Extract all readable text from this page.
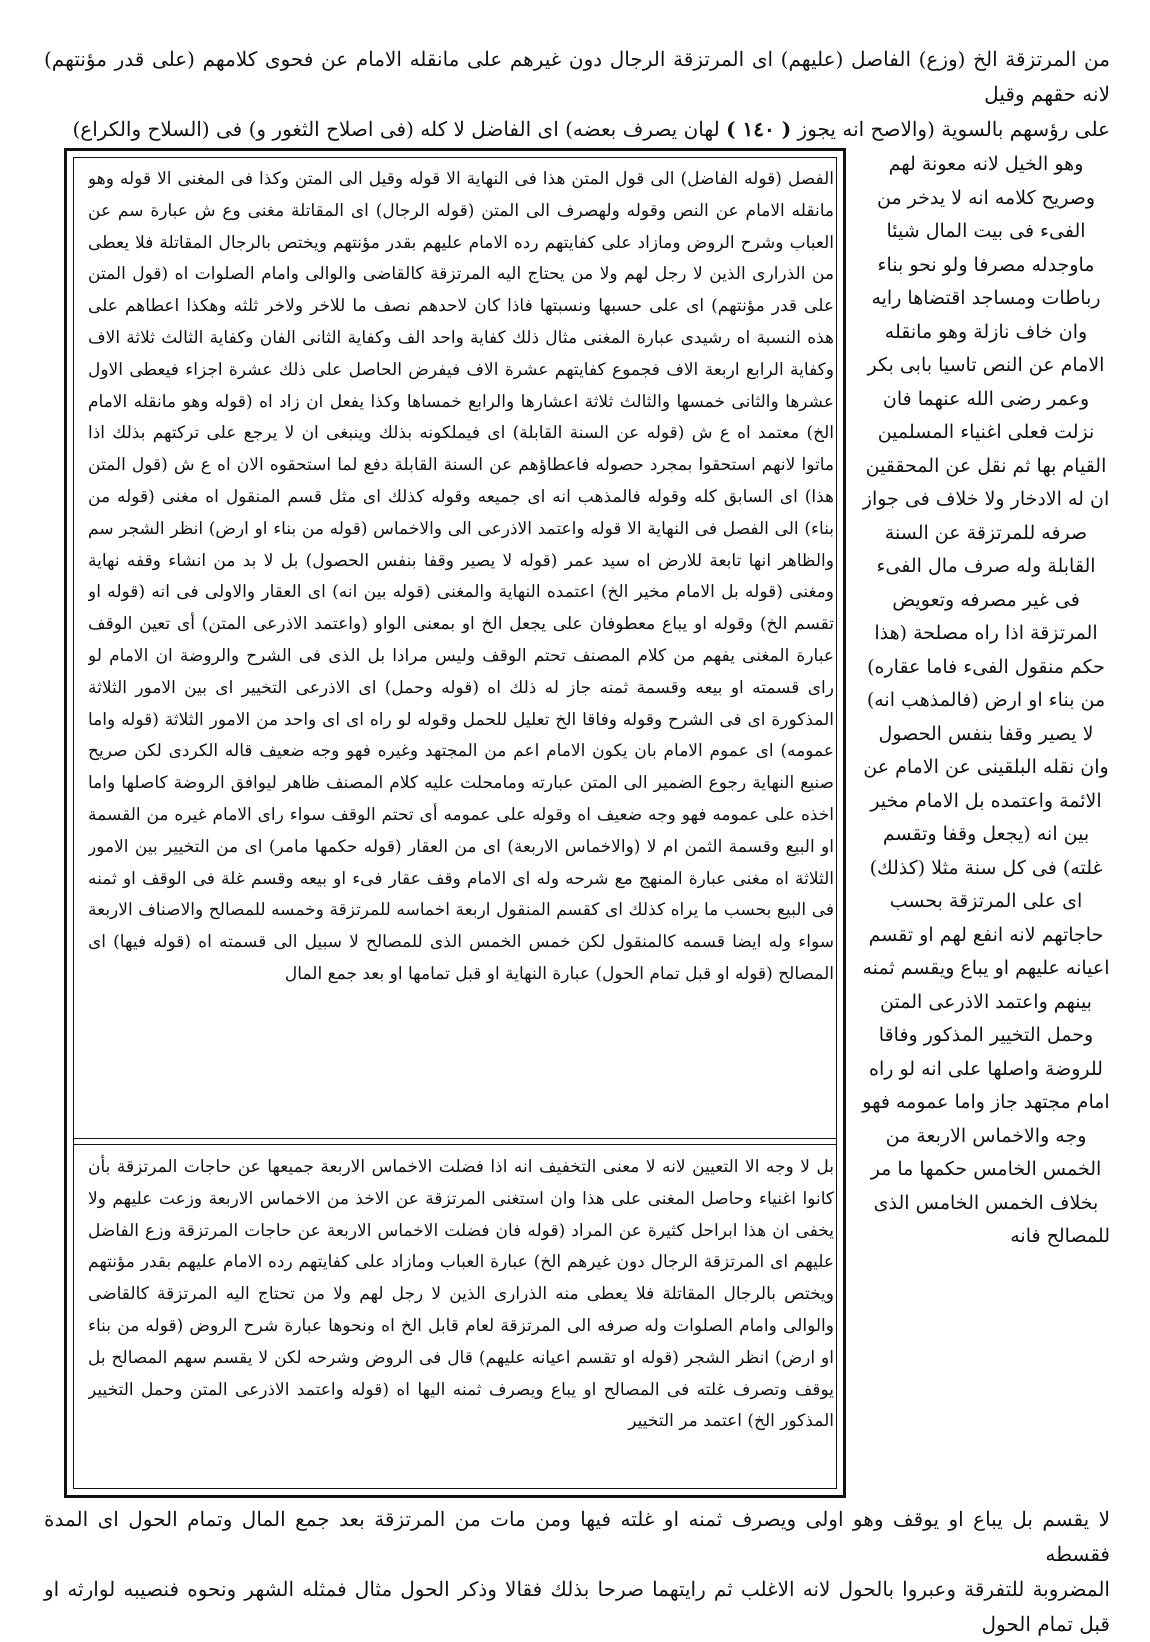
من المرتزقة الخ (وزع) الفاصل (عليهم) اى المرتزقة الرجال دون غيرهم على مانقله الامام عن فحوى كلامهم (على قدر مؤنتهم) لانه حقهم وقيل
على رؤسهم بالسوية (والاصح انه يجوز ( ١٤٠ ) لهان يصرف بعضه) اى الفاضل لا كله (فى اصلاح الثغور و) فى (السلاح والكراع)
وهو الخيل لانه معونة لهم وصريح كلامه انه لا يدخر من الفىء فى بيت المال شيئا ماوجدله مصرفا ولو نحو بناء رباطات ومساجد اقتضاها رايه وان خاف نازلة وهو مانقله الامام عن النص تاسيا بابى بكر وعمر رضى الله عنهما فان نزلت فعلى اغنياء المسلمين القيام بها ثم نقل عن المحققين ان له الادخار ولا خلاف فى جواز صرفه للمرتزقة عن السنة القابلة وله صرف مال الفىء فى غير مصرفه وتعويض المرتزقة اذا راه مصلحة (هذا حكم منقول الفىء فاما عقاره) من بناء او ارض (فالمذهب انه) لا يصير وقفا بنفس الحصول وان نقله البلقينى عن الامام عن الائمة واعتمده بل الامام مخير بين انه (يجعل وقفا وتقسم غلته) فى كل سنة مثلا (كذلك) اى على المرتزقة بحسب حاجاتهم لانه انفع لهم او تقسم اعيانه عليهم او يباع ويقسم ثمنه بينهم واعتمد الاذرعى المتن وحمل التخيير المذكور وفاقا للروضة واصلها على انه لو راه امام مجتهد جاز واما عمومه فهو وجه والاخماس الاربعة من الخمس الخامس حكمها ما مر بخلاف الخمس الخامس الذى للمصالح فانه
الفصل (قوله الفاضل) الى قول المتن هذا فى النهاية الا قوله وقيل الى المتن وكذا فى المغنى الا قوله وهو مانقله الامام عن النص وقوله ولهصرف الى المتن (قوله الرجال) اى المقاتلة مغنى وع ش عبارة سم عن العباب وشرح الروض ومازاد على كفايتهم رده الامام عليهم بقدر مؤنتهم ويختص بالرجال المقاتلة فلا يعطى من الذرارى الذين لا رجل لهم ولا من يحتاج اليه المرتزقة كالقاضى والوالى وامام الصلوات اه (قول المتن على قدر مؤنتهم) اى على حسبها ونسبتها فاذا كان لاحدهم نصف ما للاخر ولاخر ثلثه وهكذا اعطاهم على هذه النسبة اه رشيدى عبارة المغنى مثال ذلك كفاية واحد الف وكفاية الثانى الفان وكفاية الثالث ثلاثة الاف وكفاية الرابع اربعة الاف فجموع كفايتهم عشرة الاف فيفرض الحاصل على ذلك عشرة اجزاء فيعطى الاول عشرها والثانى خمسها والثالث ثلاثة اعشارها والرابع خمساها وكذا يفعل ان زاد اه (قوله وهو مانقله الامام الخ) معتمد اه ع ش (قوله عن السنة القابلة) اى فيملكونه بذلك وينبغى ان لا يرجع على تركتهم بذلك اذا ماتوا لانهم استحقوا بمجرد حصوله فاعطاؤهم عن السنة القابلة دفع لما استحقوه الان اه ع ش (قول المتن هذا) اى السابق كله وقوله فالمذهب انه اى جميعه وقوله كذلك اى مثل قسم المنقول اه مغنى (قوله من بناء) الى الفصل فى النهاية الا قوله واعتمد الاذرعى الى والاخماس (قوله من بناء او ارض) انظر الشجر سم والظاهر انها تابعة للارض اه سيد عمر (قوله لا يصير وقفا بنفس الحصول) بل لا بد من انشاء وقفه نهاية ومغنى (قوله بل الامام مخير الخ) اعتمده النهاية والمغنى (قوله بين انه) اى العقار والاولى فى انه (قوله او تقسم الخ) وقوله او يباع معطوفان على يجعل الخ او بمعنى الواو (واعتمد الاذرعى المتن) أى تعين الوقف عبارة المغنى يفهم من كلام المصنف تحتم الوقف وليس مرادا بل الذى فى الشرح والروضة ان الامام لو راى قسمته او بيعه وقسمة ثمنه جاز له ذلك اه (قوله وحمل) اى الاذرعى التخيير اى بين الامور الثلاثة المذكورة اى فى الشرح وقوله وفاقا الخ تعليل للحمل وقوله لو راه اى اى واحد من الامور الثلاثة (قوله واما عمومه) اى عموم الامام بان يكون الامام اعم من المجتهد وغيره فهو وجه ضعيف قاله الكردى لكن صريح صنيع النهاية رجوع الضمير الى المتن عبارته ومامحلت عليه كلام المصنف ظاهر ليوافق الروضة كاصلها واما اخذه على عمومه فهو وجه ضعيف اه وقوله على عمومه أى تحتم الوقف سواء راى الامام غيره من القسمة او البيع وقسمة الثمن ام لا (والاخماس الاربعة) اى من العقار (قوله حكمها مامر) اى من التخيير بين الامور الثلاثة اه مغنى عبارة المنهج مع شرحه وله اى الامام وقف عقار فىء او بيعه وقسم غلة فى الوقف او ثمنه فى البيع بحسب ما يراه كذلك اى كقسم المنقول اربعة اخماسه للمرتزقة وخمسه للمصالح والاصناف الاربعة سواء وله ايضا قسمه كالمنقول لكن خمس الخمس الذى للمصالح لا سبيل الى قسمته اه (قوله فيها) اى المصالح (قوله او قبل تمام الحول) عبارة النهاية او قبل تمامها او بعد جمع المال
بل لا وجه الا التعيين لانه لا معنى التخفيف انه اذا فضلت الاخماس الاربعة جميعها عن حاجات المرتزقة بأن كانوا اغنياء وحاصل المغنى على هذا وان استغنى المرتزقة عن الاخذ من الاخماس الاربعة وزعت عليهم ولا يخفى ان هذا ابراحل كثيرة عن المراد (قوله فان فضلت الاخماس الاربعة عن حاجات المرتزقة وزع الفاضل عليهم اى المرتزقة الرجال دون غيرهم الخ) عبارة العباب ومازاد على كفايتهم رده الامام عليهم بقدر مؤنتهم ويختص بالرجال المقاتلة فلا يعطى منه الذرارى الذين لا رجل لهم ولا من تحتاج اليه المرتزقة كالقاضى والوالى وامام الصلوات وله صرفه الى المرتزقة لعام قابل الخ اه ونحوها عبارة شرح الروض (قوله من بناء او ارض) انظر الشجر (قوله او تقسم اعيانه عليهم) قال فى الروض وشرحه لكن لا يقسم سهم المصالح بل يوقف وتصرف غلته فى المصالح او يباع ويصرف ثمنه اليها اه (قوله واعتمد الاذرعى المتن وحمل التخيير المذكور الخ) اعتمد مر التخيير
لا يقسم بل يباع او يوقف وهو اولى ويصرف ثمنه او غلته فيها ومن مات من المرتزقة بعد جمع المال وتمام الحول اى المدة فقسطه
المضروبة للتفرقة وعبروا بالحول لانه الاغلب ثم رايتهما صرحا بذلك فقالا وذكر الحول مثال فمثله الشهر ونحوه فنصيبه لوارثه او قبل تمام الحول
